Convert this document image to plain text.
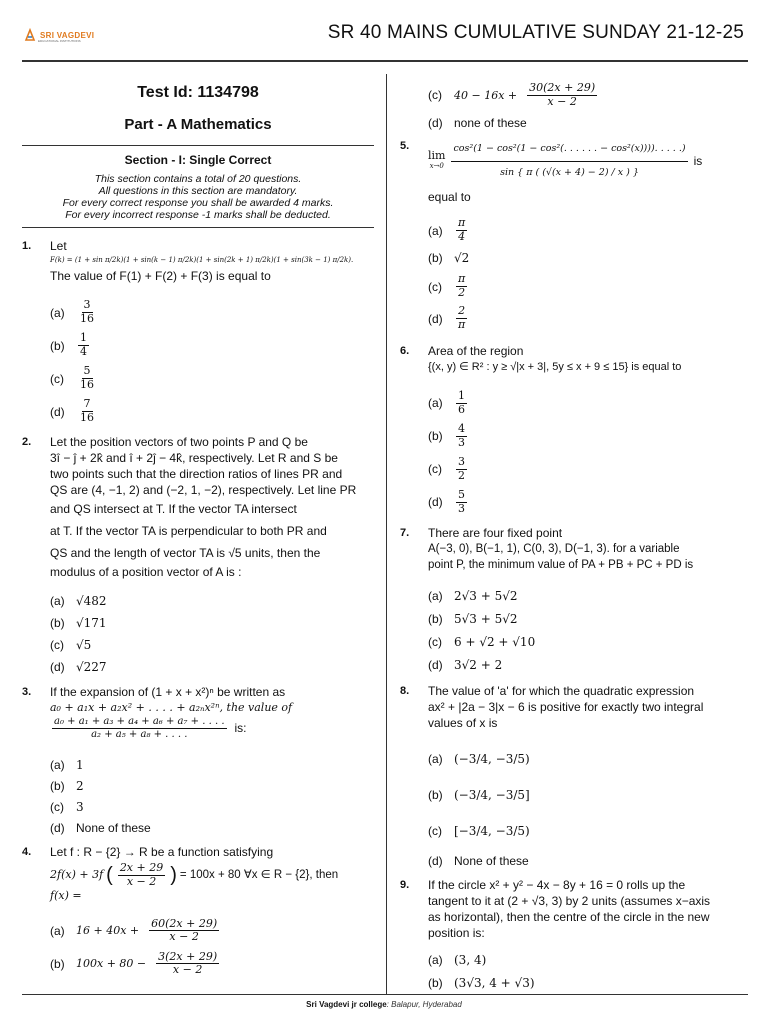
SRI VAGDEVI
EDUCATIONAL INSTITUTIONS	SR 40 MAINS CUMULATIVE SUNDAY 21-12-25
Test Id: 1134798
Part - A Mathematics
Section - I: Single Correct
This section contains a total of 20 questions.
All questions in this section are mandatory.
For every correct response you shall be awarded 4 marks.
For every incorrect response -1 marks shall be deducted.
1. Let
F(k) = (1 + sin π/2k)(1 + sin(k − 1) π/2k)(1 + sin(2k + 1) π/2k)(1 + sin(3k − 1) π/2k).
The value of F(1) + F(2) + F(3) is equal to
(a)	$\frac{3}{16}$
(b)	$\frac{1}{4}$
(c)	$\frac{5}{16}$
(d)	$\frac{7}{16}$
2. Let the position vectors of two points P and Q be
3î − ĵ + 2k̂ and î + 2ĵ − 4k̂, respectively. Let R and S be
two points such that the direction ratios of lines PR and
QS are (4, −1, 2) and (−2, 1, −2), respectively. Let line PR
and QS intersect at T. If the vector TA intersect
at T. If the vector TA is perpendicular to both PR and
QS and the length of vector TA is √5 units, then the
modulus of a position vector of A is :
(a) √482
(b) √171
(c)	√5
(d) √227
3. If the expansion of (1 + x + x²)ⁿ be written as
a₀ + a₁x + a₂x² + . . . . + a₂ₙx²ⁿ, the value of
$\frac{\text{a₀ + a₁ + a₃ + a₄ + a₆ + a₇ + . . . .}}{\text{a₂ + a₅ + a₈ + . . . .}}$ is:
(a) 1
(b) 2
(c)	3
(d) None of these
4. Let f : R − {2} → R be a function satisfying
2f(x) + 3f ( $\frac{2x + 29}{x - 2}$ ) = 100x + 80 ∀x ∈ R − {2}, then
f(x) =
(a)	$16 + 40x + \frac{60(2x + 29)}{x - 2}$
(b)	$100x + 80 - \frac{3(2x + 29)}{x - 2}$
(c)	$40 - 16x + \frac{30(2x + 29)}{x - 2}$
(d) none of these
5.
lim
$x\to 0 \frac{\text{cos²(1 − cos²(1 − cos²(. . . . . . − cos²(x)))). . . . .)}}{\sin \{ \pi ( (√(x + 4) - 2) / x ) \}}$ is
equal to
(a)	$\frac{\pi}{4}$
(b) √2
(c)	$\frac{\pi}{2}$
(d)	$\frac{2}{\pi}$
6. Area of the region
{(x, y) ∈ R² : y ≥ √|x + 3|, 5y ≤ x + 9 ≤ 15} is equal to
(a)	$\frac{1}{6}$
(b)	$\frac{4}{3}$
(c)	$\frac{3}{2}$
(d)	$\frac{5}{3}$
7. There are four fixed point
A(−3, 0), B(−1, 1), C(0, 3), D(−1, 3). for a variable
point P, the minimum value of PA + PB + PC + PD is
(a) 2√3 + 5√2
(b) 5√3 + 5√2
(c)	6 + √2 + √10
(d) 3√2 + 2
8. The value of 'a' for which the quadratic expression
ax² + |2a − 3|x − 6 is positive for exactly two integral
values of x is
(a) (−3/4, −3/5)
(b) (−3/4, −3/5]
(c)	[−3/4, −3/5)
(d) None of these
9. If the circle x² + y² − 4x − 8y + 16 = 0 rolls up the
tangent to it at (2 + √3, 3) by 2 units (assumes x−axis
as horizontal), then the centre of the circle in the new
position is:
(a) (3, 4)
(b) (3√3, 4 + √3)
Sri Vagdevi jr college: Balapur, Hyderabad
